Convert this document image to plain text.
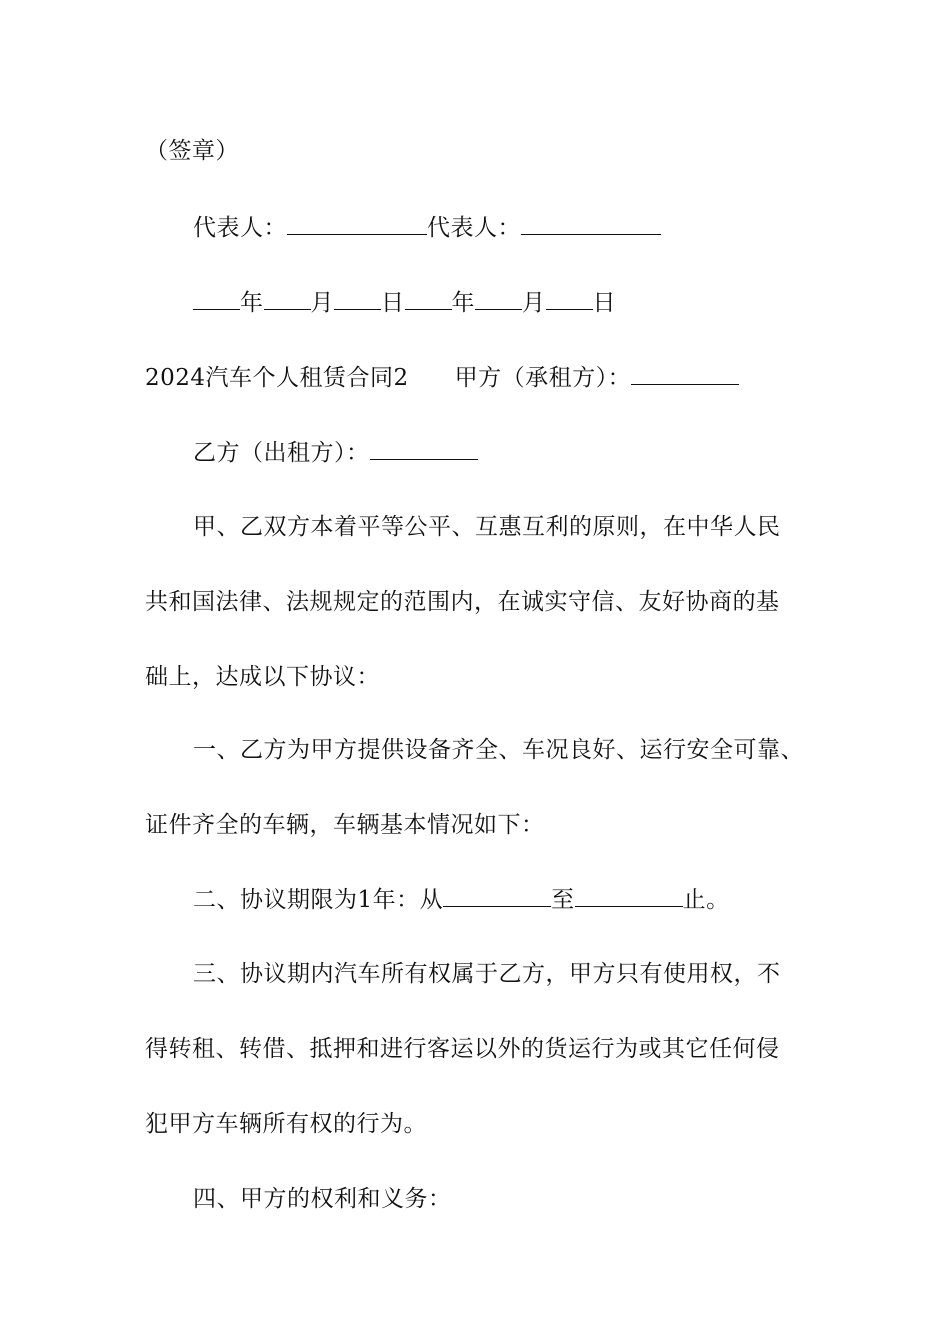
（签章）
代表人：	代表人：
年 月 日 年 月 日
2024汽车个人租赁合同2 甲方（承租方）：
乙方（出租方）：
甲、乙双方本着平等公平、互惠互利的原则，在中华人民
共和国法律、法规规定的范围内，在诚实守信、友好协商的基
础上，达成以下协议：
一、乙方为甲方提供设备齐全、车况良好、运行安全可靠、
证件齐全的车辆，车辆基本情况如下：
二、协议期限为1年：从	至	止。
三、协议期内汽车所有权属于乙方，甲方只有使用权，不
得转租、转借、抵押和进行客运以外的货运行为或其它任何侵
犯甲方车辆所有权的行为。
四、甲方的权利和义务：
